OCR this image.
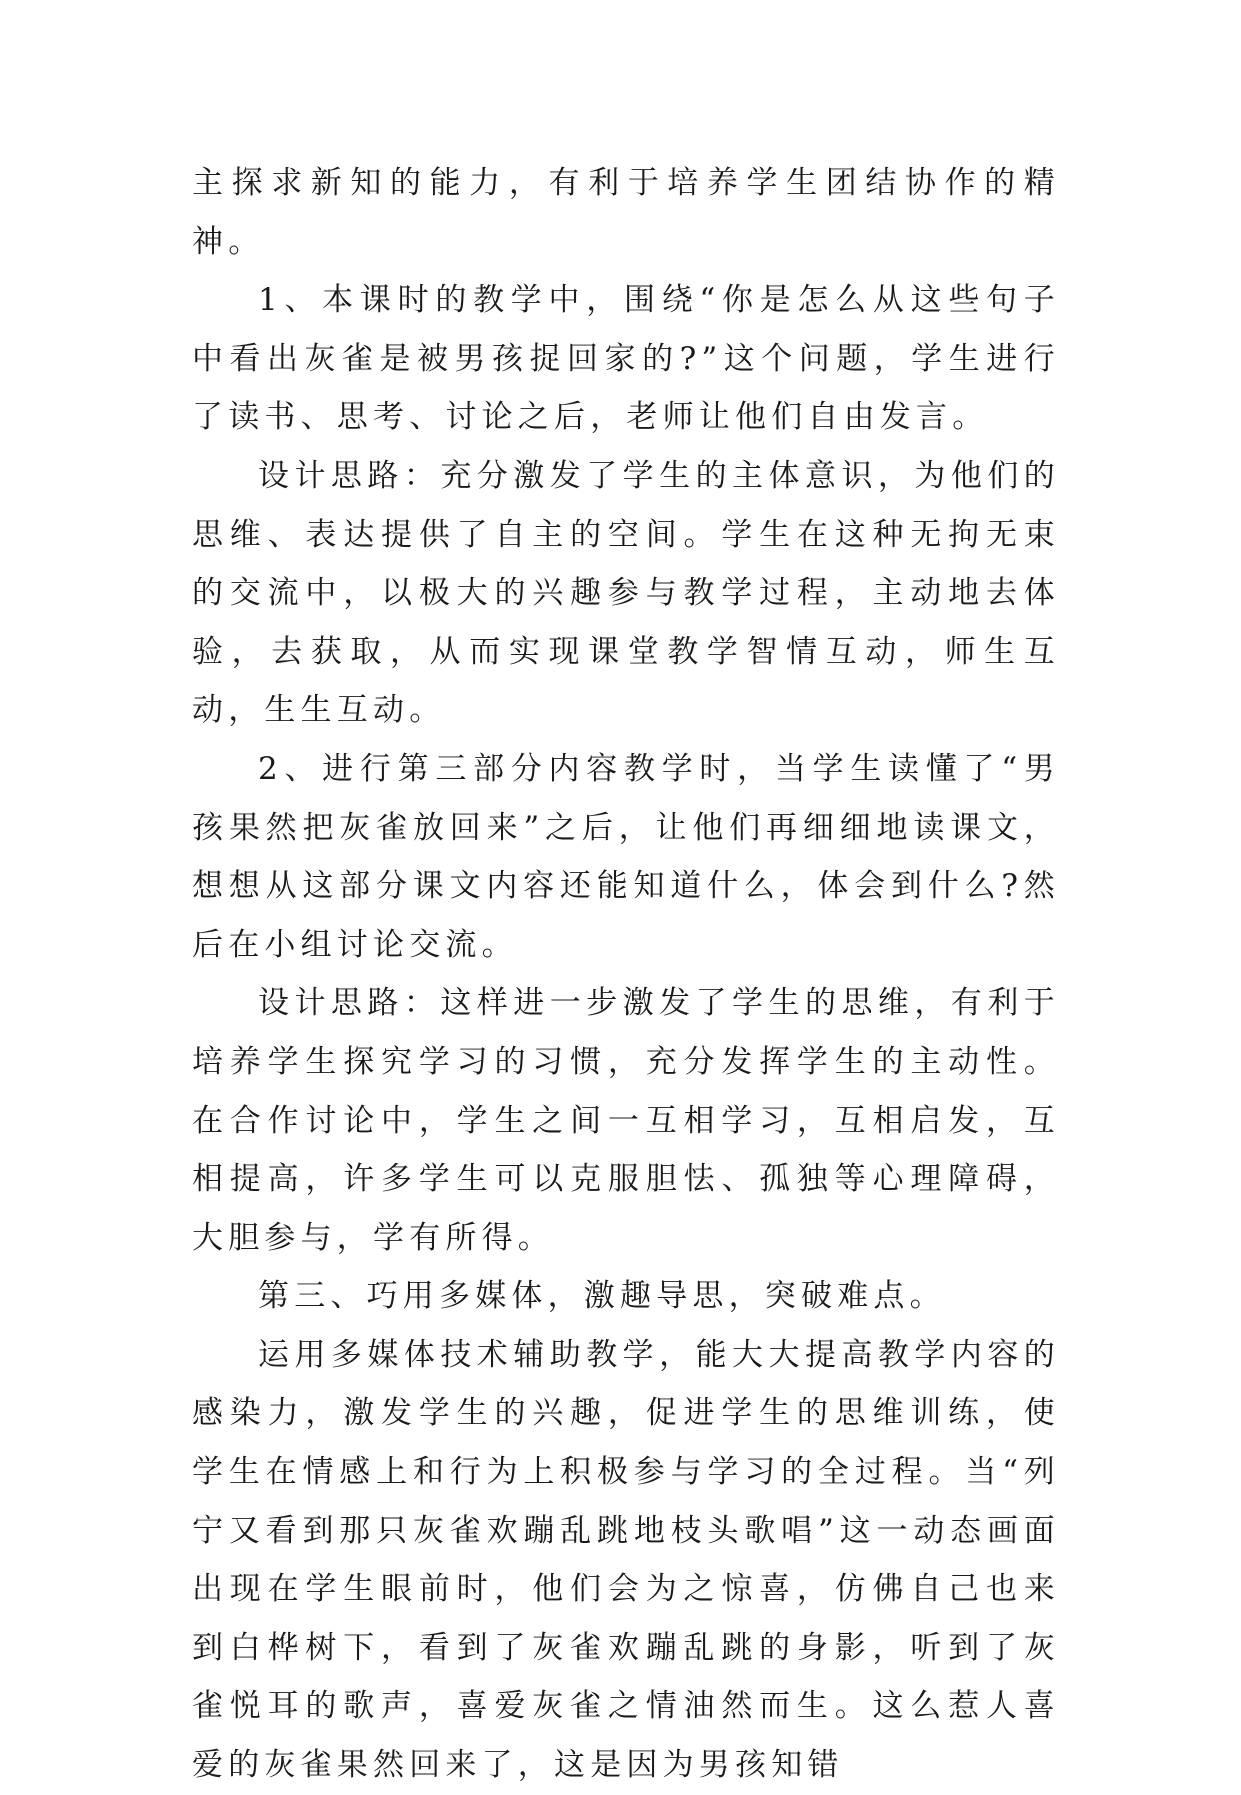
主探求新知的能力，有利于培养学生团结协作的精神。

1、本课时的教学中，围绕“你是怎么从这些句子中看出灰雀是被男孩捉回家的?”这个问题，学生进行了读书、思考、讨论之后，老师让他们自由发言。

设计思路：充分激发了学生的主体意识，为他们的思维、表达提供了自主的空间。学生在这种无拘无束的交流中，以极大的兴趣参与教学过程，主动地去体验，去获取，从而实现课堂教学智情互动，师生互动，生生互动。

2、进行第三部分内容教学时，当学生读懂了“男孩果然把灰雀放回来”之后，让他们再细细地读课文，想想从这部分课文内容还能知道什么，体会到什么?然后在小组讨论交流。

设计思路：这样进一步激发了学生的思维，有利于培养学生探究学习的习惯，充分发挥学生的主动性。在合作讨论中，学生之间一互相学习，互相启发，互相提高，许多学生可以克服胆怯、孤独等心理障碍，大胆参与，学有所得。

第三、巧用多媒体，激趣导思，突破难点。

运用多媒体技术辅助教学，能大大提高教学内容的感染力，激发学生的兴趣，促进学生的思维训练，使学生在情感上和行为上积极参与学习的全过程。当“列宁又看到那只灰雀欢蹦乱跳地枝头歌唱”这一动态画面出现在学生眼前时，他们会为之惊喜，仿佛自己也来到白桦树下，看到了灰雀欢蹦乱跳的身影，听到了灰雀悦耳的歌声，喜爱灰雀之情油然而生。这么惹人喜爱的灰雀果然回来了，这是因为男孩知错
